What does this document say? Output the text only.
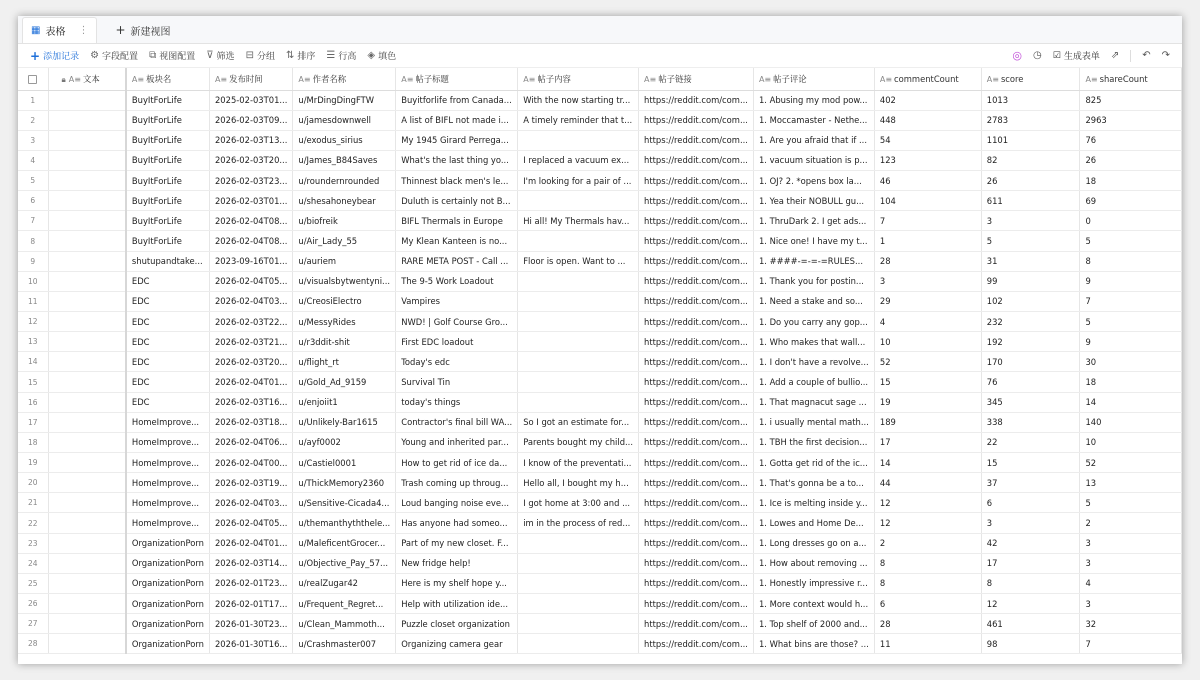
▦ 表格 ⋮ + 新建视图
+ 添加记录 ⚙ 字段配置 ⧉ 视图配置 ⊽ 筛选 ⊟ 分组 ⇅ 排序 ☰ 行高 ◈ 填色	◎ ◷ ☑ 生成表单 ⇗ ↶ ↷
	🔒︎ A≡ 文本	A≡ 板块名	A≡ 发布时间	A≡ 作者名称	A≡ 帖子标题	A≡ 帖子内容	A≡ 帖子链接	A≡ 帖子评论	A≡ commentCount	A≡ score	A≡ shareCount
1		BuyItForLife	2025-02-03T01...	u/MrDingDingFTW	Buyitforlife from Canada...	With the now starting tr...	https://reddit.com/com...	1. Abusing my mod pow...	402	1013	825
2		BuyItForLife	2026-02-03T09...	u/jamesdownwell	A list of BIFL not made i...	A timely reminder that t...	https://reddit.com/com...	1. Moccamaster - Nethe...	448	2783	2963
3		BuyItForLife	2026-02-03T13...	u/exodus_sirius	My 1945 Girard Perrega...		https://reddit.com/com...	1. Are you afraid that if ...	54	1101	76
4		BuyItForLife	2026-02-03T20...	u/James_B84Saves	What's the last thing yo...	I replaced a vacuum ex...	https://reddit.com/com...	1. vacuum situation is p...	123	82	26
5		BuyItForLife	2026-02-03T23...	u/roundernrounded	Thinnest black men's le...	I'm looking for a pair of ...	https://reddit.com/com...	1. OJ? 2. *opens box la...	46	26	18
6		BuyItForLife	2026-02-03T01...	u/shesahoneybear	Duluth is certainly not B...		https://reddit.com/com...	1. Yea their NOBULL gu...	104	611	69
7		BuyItForLife	2026-02-04T08...	u/biofreik	BIFL Thermals in Europe	Hi all! My Thermals hav...	https://reddit.com/com...	1. ThruDark 2. I get ads...	7	3	0
8		BuyItForLife	2026-02-04T08...	u/Air_Lady_55	My Klean Kanteen is no...		https://reddit.com/com...	1. Nice one! I have my t...	1	5	5
9		shutupandtake...	2023-09-16T01...	u/auriem	RARE META POST - Call ...	Floor is open. Want to ...	https://reddit.com/com...	1. ####-=-=-=RULES...	28	31	8
10		EDC	2026-02-04T05...	u/visualsbytwentyni...	The 9-5 Work Loadout		https://reddit.com/com...	1. Thank you for postin...	3	99	9
11		EDC	2026-02-04T03...	u/CreosiElectro	Vampires		https://reddit.com/com...	1. Need a stake and so...	29	102	7
12		EDC	2026-02-03T22...	u/MessyRides	NWD! | Golf Course Gro...		https://reddit.com/com...	1. Do you carry any gop...	4	232	5
13		EDC	2026-02-03T21...	u/r3ddit-shit	First EDC loadout		https://reddit.com/com...	1. Who makes that wall...	10	192	9
14		EDC	2026-02-03T20...	u/flight_rt	Today's edc		https://reddit.com/com...	1. I don't have a revolve...	52	170	30
15		EDC	2026-02-04T01...	u/Gold_Ad_9159	Survival Tin		https://reddit.com/com...	1. Add a couple of bullio...	15	76	18
16		EDC	2026-02-03T16...	u/enjoiit1	today's things		https://reddit.com/com...	1. That magnacut sage ...	19	345	14
17		HomeImprove...	2026-02-03T18...	u/Unlikely-Bar1615	Contractor's final bill WA...	So I got an estimate for...	https://reddit.com/com...	1. i usually mental math...	189	338	140
18		HomeImprove...	2026-02-04T06...	u/ayf0002	Young and inherited par...	Parents bought my child...	https://reddit.com/com...	1. TBH the first decision...	17	22	10
19		HomeImprove...	2026-02-04T00...	u/Castiel0001	How to get rid of ice da...	I know of the preventati...	https://reddit.com/com...	1. Gotta get rid of the ic...	14	15	52
20		HomeImprove...	2026-02-03T19...	u/ThickMemory2360	Trash coming up throug...	Hello all, I bought my h...	https://reddit.com/com...	1. That's gonna be a to...	44	37	13
21		HomeImprove...	2026-02-04T03...	u/Sensitive-Cicada4...	Loud banging noise eve...	I got home at 3:00 and ...	https://reddit.com/com...	1. Ice is melting inside y...	12	6	5
22		HomeImprove...	2026-02-04T05...	u/themanthyththele...	Has anyone had someo...	im in the process of red...	https://reddit.com/com...	1. Lowes and Home De...	12	3	2
23		OrganizationPorn	2026-02-04T01...	u/MaleficentGrocer...	Part of my new closet. F...		https://reddit.com/com...	1. Long dresses go on a...	2	42	3
24		OrganizationPorn	2026-02-03T14...	u/Objective_Pay_57...	New fridge help!		https://reddit.com/com...	1. How about removing ...	8	17	3
25		OrganizationPorn	2026-02-01T23...	u/realZugar42	Here is my shelf hope y...		https://reddit.com/com...	1. Honestly impressive r...	8	8	4
26		OrganizationPorn	2026-02-01T17...	u/Frequent_Regret...	Help with utilization ide...		https://reddit.com/com...	1. More context would h...	6	12	3
27		OrganizationPorn	2026-01-30T23...	u/Clean_Mammoth...	Puzzle closet organization		https://reddit.com/com...	1. Top shelf of 2000 and...	28	461	32
28		OrganizationPorn	2026-01-30T16...	u/Crashmaster007	Organizing camera gear		https://reddit.com/com...	1. What bins are those? ...	11	98	7
